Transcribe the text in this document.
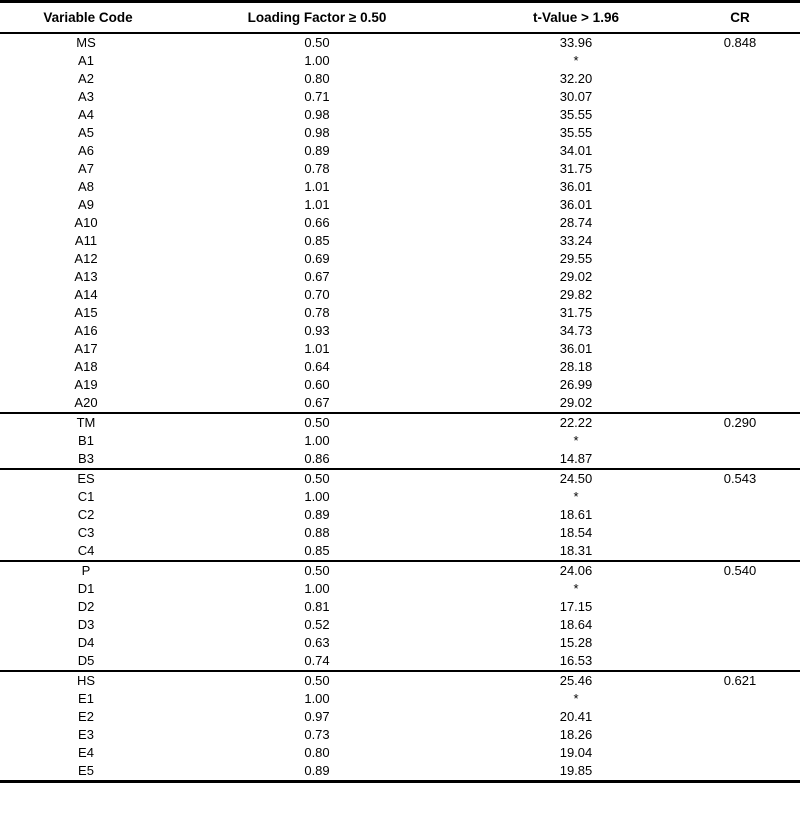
Variable Code	Loading Factor ≥ 0.50	t-Value > 1.96	CR
MS	0.50	33.96	0.848
A1	1.00	*	
A2	0.80	32.20	
A3	0.71	30.07	
A4	0.98	35.55	
A5	0.98	35.55	
A6	0.89	34.01	
A7	0.78	31.75	
A8	1.01	36.01	
A9	1.01	36.01	
A10	0.66	28.74	
A11	0.85	33.24	
A12	0.69	29.55	
A13	0.67	29.02	
A14	0.70	29.82	
A15	0.78	31.75	
A16	0.93	34.73	
A17	1.01	36.01	
A18	0.64	28.18	
A19	0.60	26.99	
A20	0.67	29.02	
TM	0.50	22.22	0.290
B1	1.00	*	
B3	0.86	14.87	
ES	0.50	24.50	0.543
C1	1.00	*	
C2	0.89	18.61	
C3	0.88	18.54	
C4	0.85	18.31	
P	0.50	24.06	0.540
D1	1.00	*	
D2	0.81	17.15	
D3	0.52	18.64	
D4	0.63	15.28	
D5	0.74	16.53	
HS	0.50	25.46	0.621
E1	1.00	*	
E2	0.97	20.41	
E3	0.73	18.26	
E4	0.80	19.04	
E5	0.89	19.85	
